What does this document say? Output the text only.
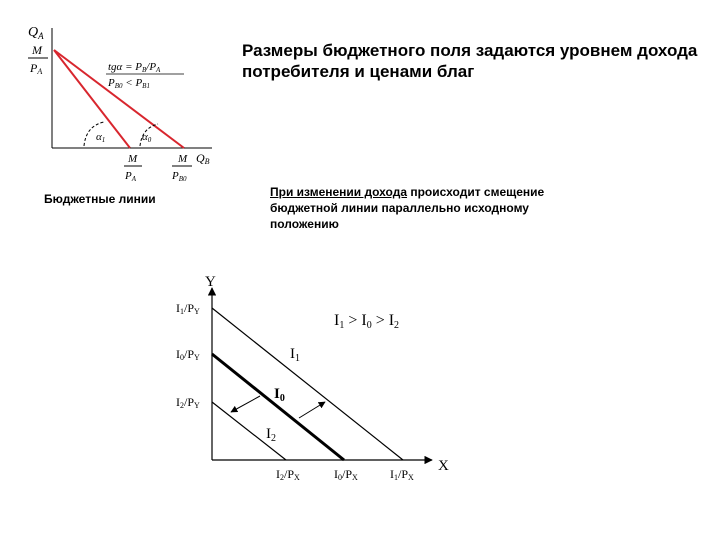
Размеры бюджетного поля задаются уровнем дохода потребителя и ценами благ
При изменении дохода происходит смещение бюджетной линии параллельно исходному положению
Бюджетные линии
$Q_A$
M
PA	tgα = PB/PA
PB0 < PB1
α1	α0
M
PA
M
PB0
QB
Y
X
I1/PY
I0/PY
I2/PY
I2/PX	I0/PX	I1/PX
$I_1$
$I_0$
$I_2$
I1 > I0 > I2
